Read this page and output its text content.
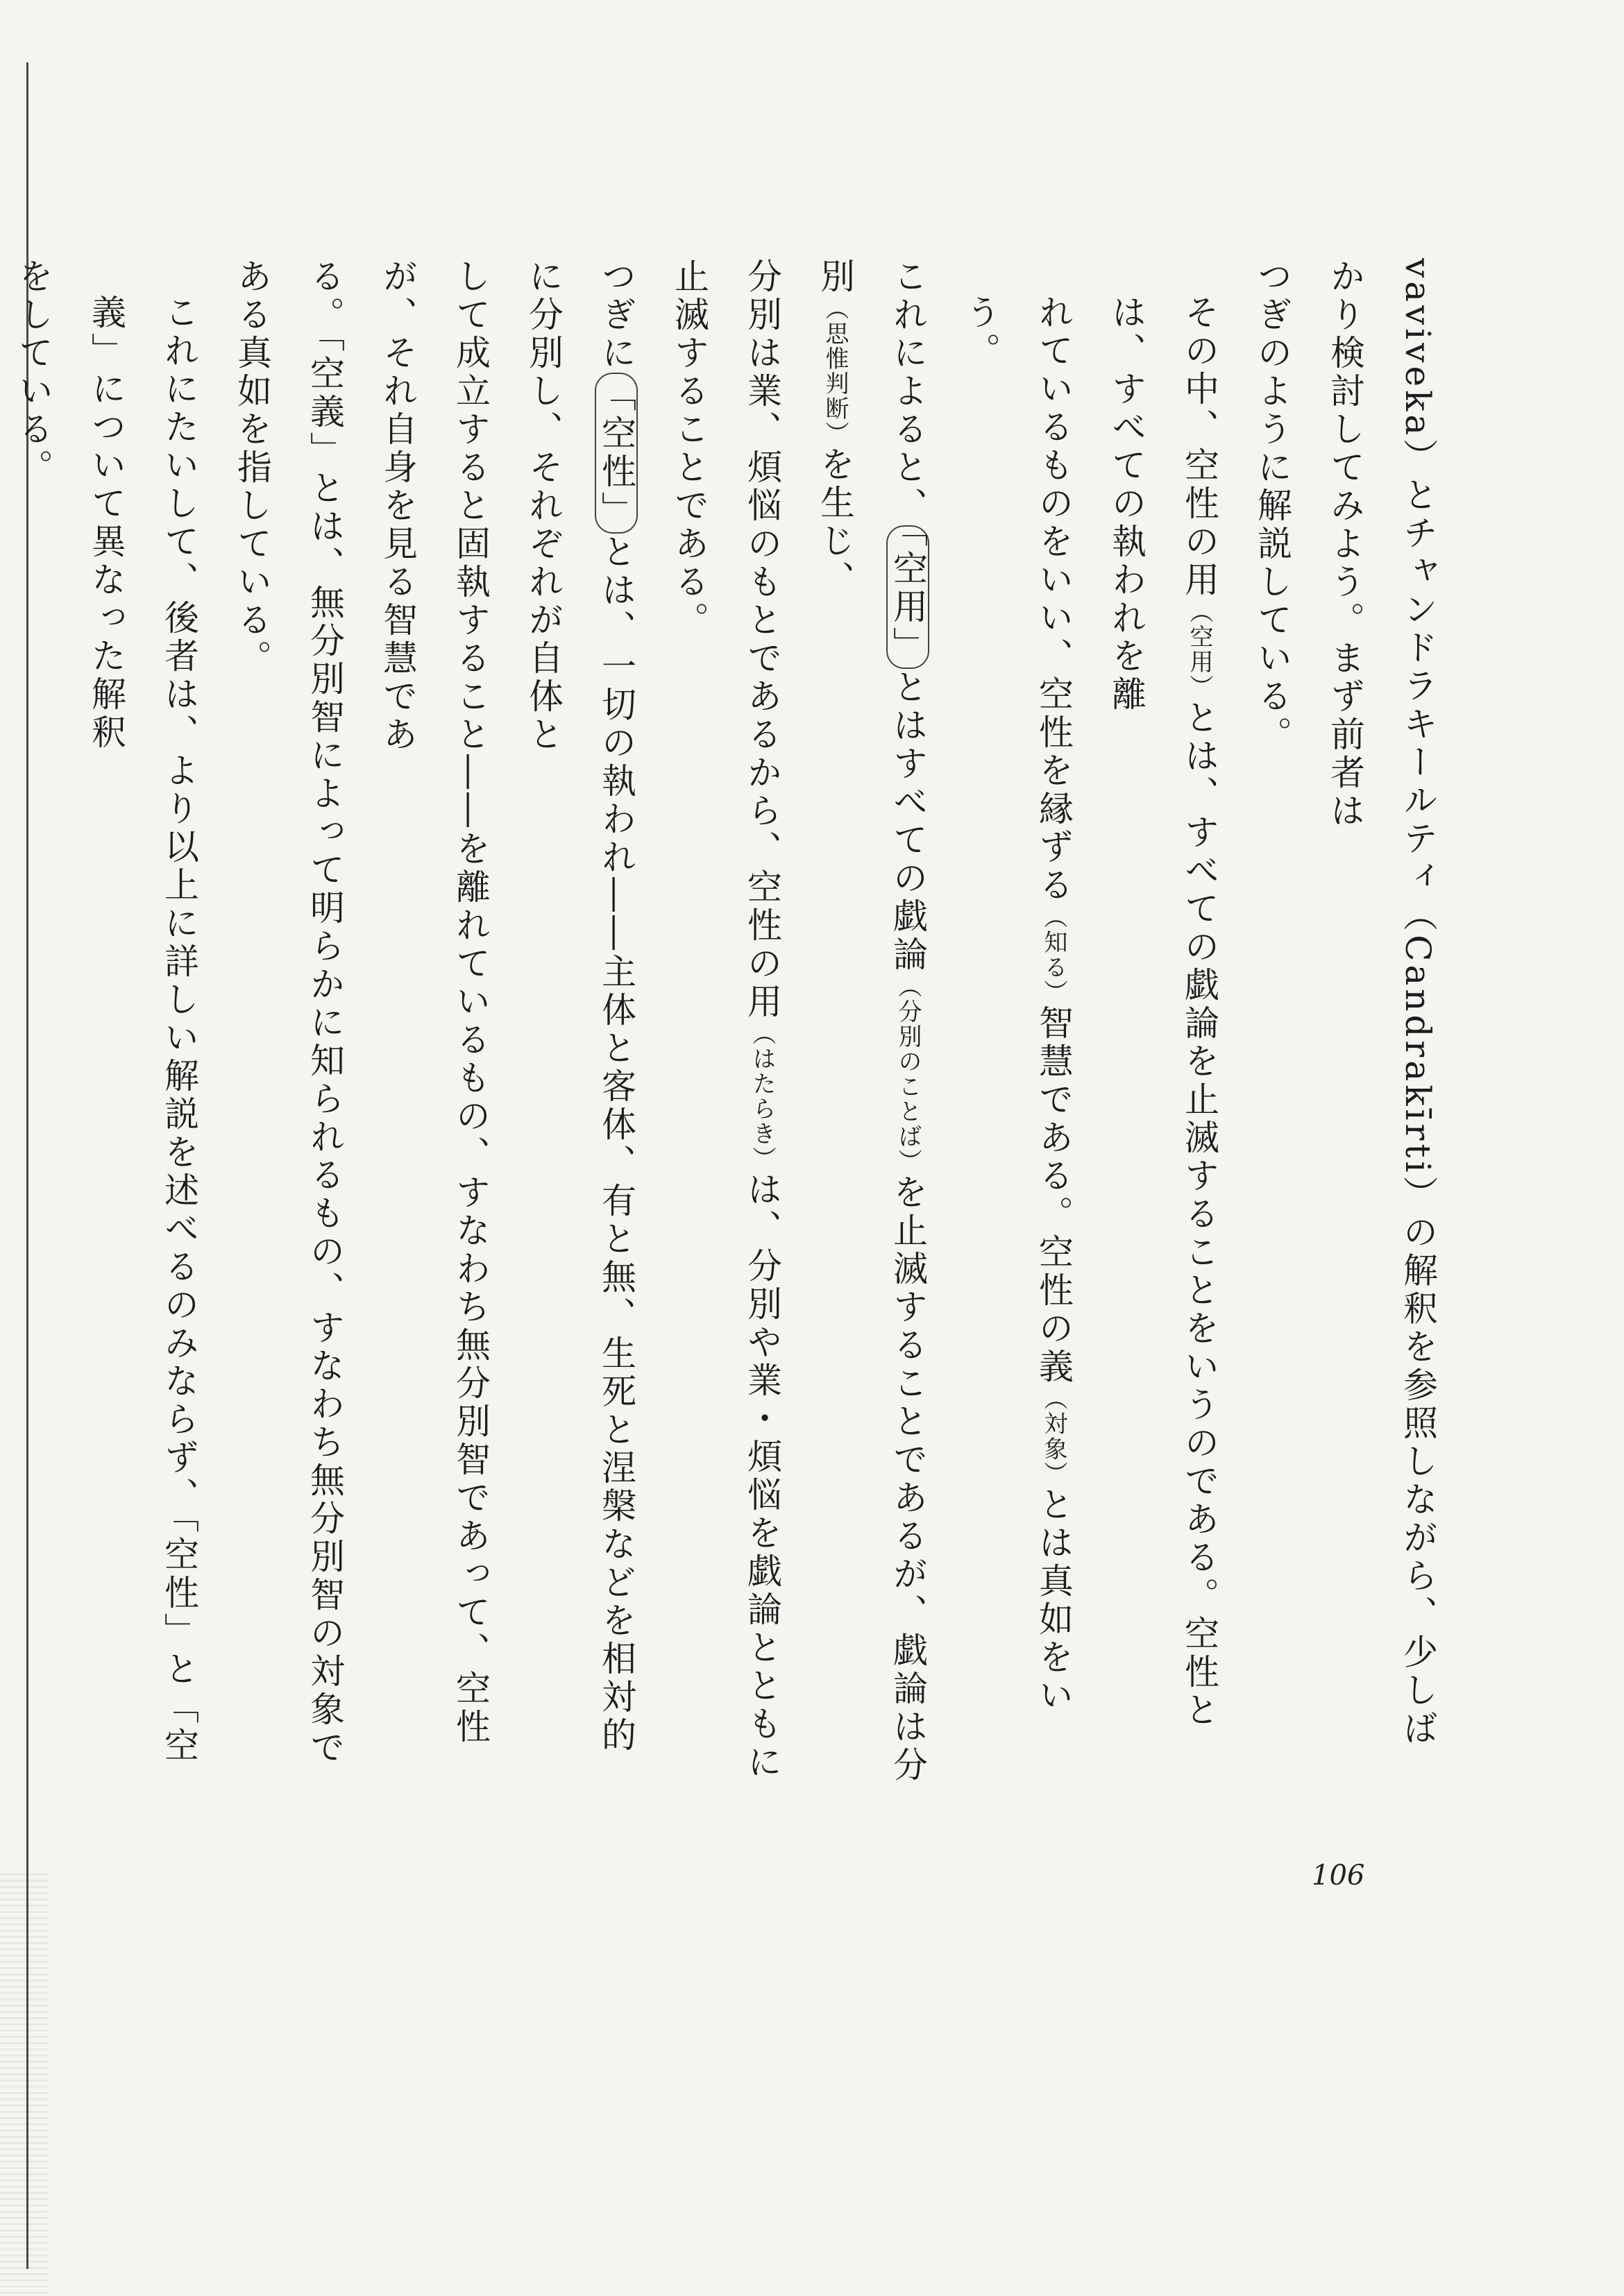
vaviveka）とチャンドラキールティ（Candrakīrti）の解釈を参照しながら、少しばかり検討してみよう。まず前者は
つぎのように解説している。
その中、空性の用（空用）とは、すべての戯論を止滅することをいうのである。空性とは、すべての執われを離
れているものをいい、空性を縁ずる（知る）智慧である。空性の義（対象）とは真如をいう。
これによると、「空用」とはすべての戯論（分別のことば）を止滅することであるが、戯論は分別（思惟判断）を生じ、
分別は業、煩悩のもとであるから、空性の用（はたらき）は、分別や業・煩悩を戯論とともに止滅することである。
つぎに「空性」とは、一切の執われ――主体と客体、有と無、生死と涅槃などを相対的に分別し、それぞれが自体と
して成立すると固執すること――を離れているもの、すなわち無分別智であって、空性が、それ自身を見る智慧であ
る。「空義」とは、無分別智によって明らかに知られるもの、すなわち無分別智の対象である真如を指している。
これにたいして、後者は、より以上に詳しい解説を述べるのみならず、「空性」と「空義」について異なった解釈
をしている。
106
